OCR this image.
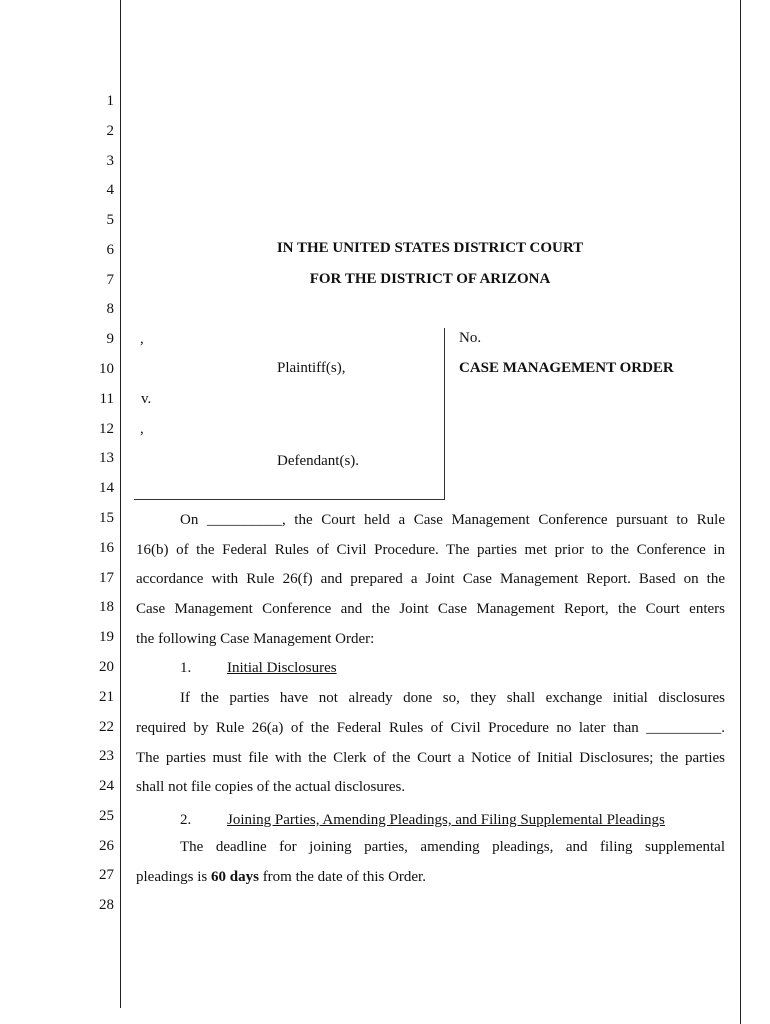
1
2
3
4
5
6
7
8
9
10
11
12
13
14
15
16
17
18
19
20
21
22
23
24
25
26
27
28
IN THE UNITED STATES DISTRICT COURT
FOR THE DISTRICT OF ARIZONA
,
Plaintiff(s),
v.
,
Defendant(s).
No.
CASE MANAGEMENT ORDER
On __________, the Court held a Case Management Conference pursuant to Rule
16(b) of the Federal Rules of Civil Procedure. The parties met prior to the Conference in
accordance with Rule 26(f) and prepared a Joint Case Management Report. Based on the
Case Management Conference and the Joint Case Management Report, the Court enters
the following Case Management Order:
1. Initial Disclosures
If the parties have not already done so, they shall exchange initial disclosures
required by Rule 26(a) of the Federal Rules of Civil Procedure no later than __________.
The parties must file with the Clerk of the Court a Notice of Initial Disclosures; the parties
shall not file copies of the actual disclosures.
2. Joining Parties, Amending Pleadings, and Filing Supplemental Pleadings
The deadline for joining parties, amending pleadings, and filing supplemental
pleadings is 60 days from the date of this Order.
